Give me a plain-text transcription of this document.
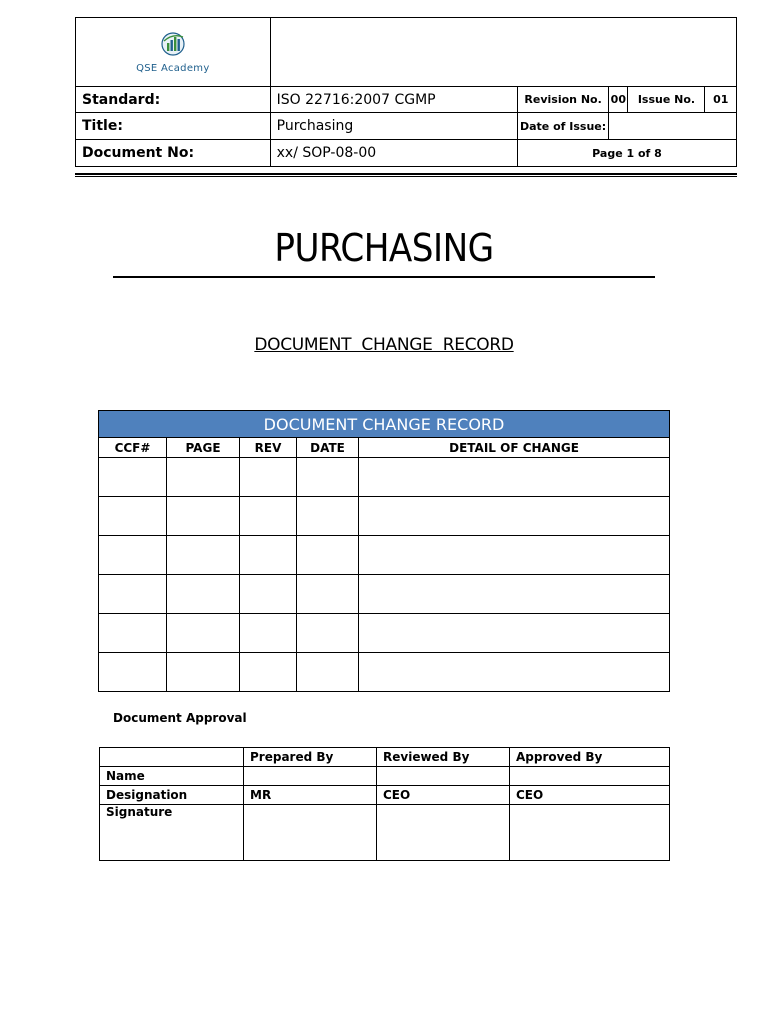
QSE Academy					

Standard:	ISO 22716:2007 CGMP	Revision No.	00	Issue No.	01
Title:	Purchasing	Date of Issue:			
Document No:	xx/ SOP-08-00	Page 1 of 8			
PURCHASING
DOCUMENT  CHANGE  RECORD
DOCUMENT CHANGE RECORD				
CCF#	PAGE	REV	DATE	DETAIL OF CHANGE

Document Approval
	Prepared By	Reviewed By	Approved By
Name			
Designation	MR	CEO	CEO
Signature			
